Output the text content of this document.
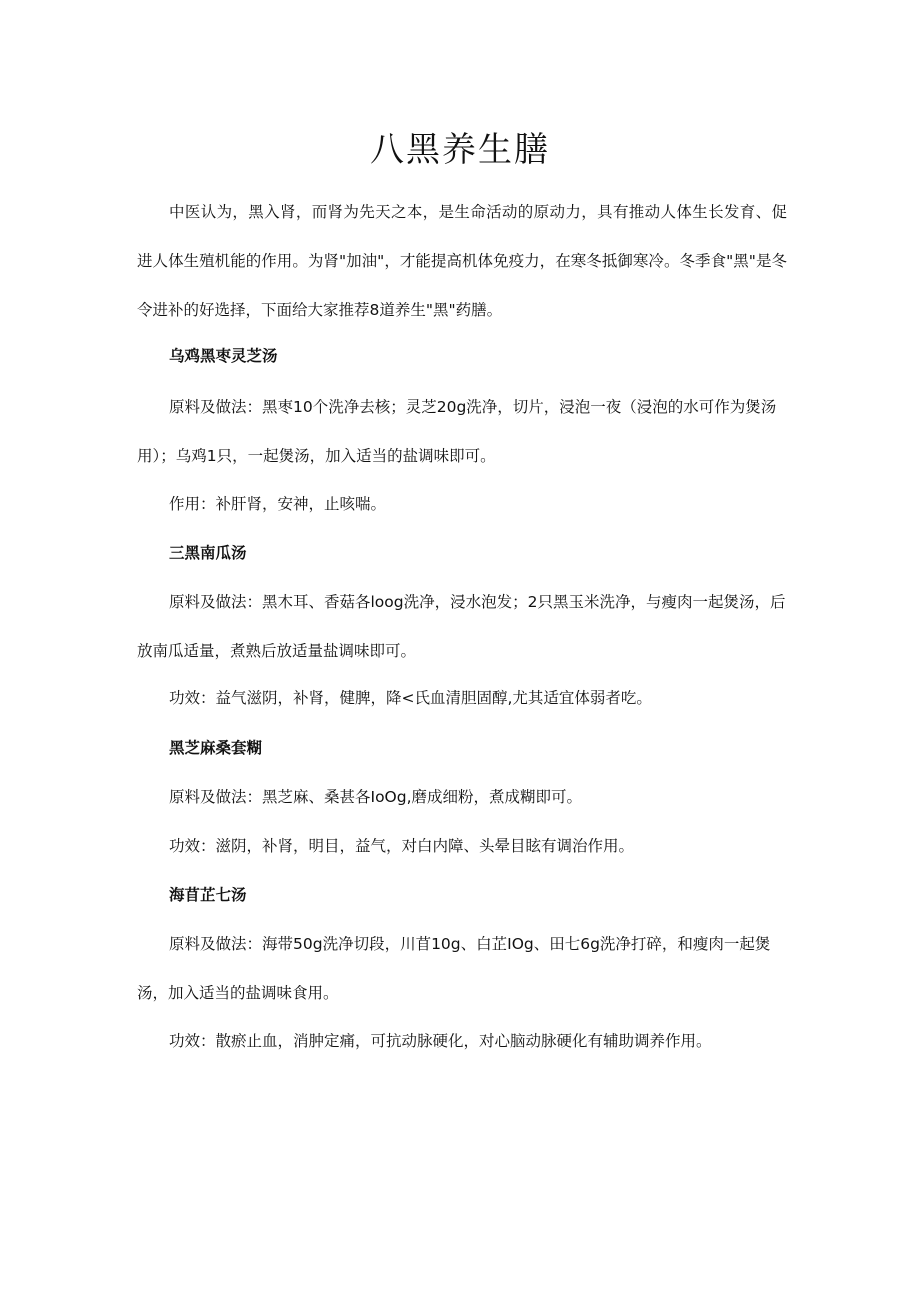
八黑养生膳

中医认为，黑入肾，而肾为先天之本，是生命活动的原动力，具有推动人体生长发育、促进人体生殖机能的作用。为肾"加油"，才能提高机体免疫力，在寒冬抵御寒冷。冬季食"黑"是冬令进补的好选择，下面给大家推荐8道养生"黑"药膳。

乌鸡黑枣灵芝汤

原料及做法：黑枣10个洗净去核；灵芝20g洗净，切片，浸泡一夜（浸泡的水可作为煲汤用）；乌鸡1只，一起煲汤，加入适当的盐调味即可。

作用：补肝肾，安神，止咳喘。

三黑南瓜汤

原料及做法：黑木耳、香菇各loog洗净，浸水泡发；2只黑玉米洗净，与瘦肉一起煲汤，后放南瓜适量，煮熟后放适量盐调味即可。

功效：益气滋阴，补肾，健脾，降<氏血清胆固醇,尤其适宜体弱者吃。

黑芝麻桑套糊

原料及做法：黑芝麻、桑甚各IoOg,磨成细粉，煮成糊即可。

功效：滋阴，补肾，明目，益气，对白内障、头晕目眩有调治作用。

海苜芷七汤

原料及做法：海带50g洗净切段，川苜10g、白芷IOg、田七6g洗净打碎，和瘦肉一起煲汤，加入适当的盐调味食用。

功效：散瘀止血，消肿定痛，可抗动脉硬化，对心脑动脉硬化有辅助调养作用。
